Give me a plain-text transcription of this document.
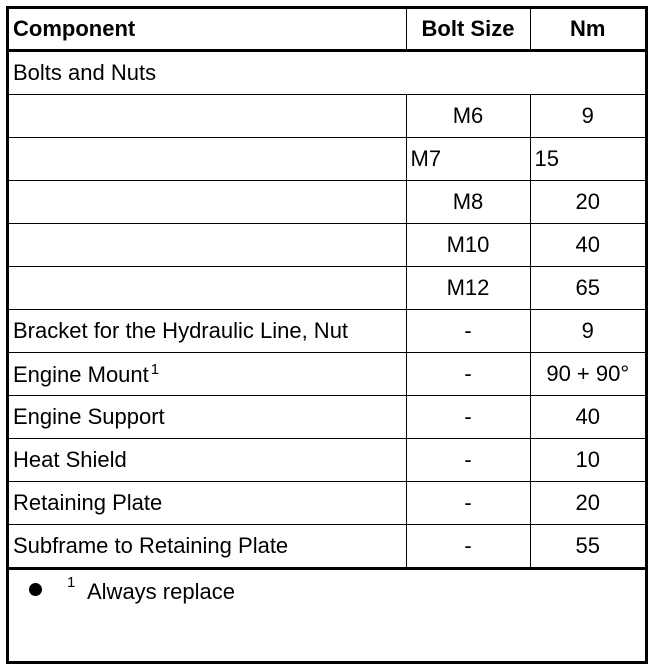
Component	Bolt Size	Nm
Bolts and Nuts		
	M6	9
	M7	15
	M8	20
	M10	40
	M12	65
Bracket for the Hydraulic Line, Nut	-	9
Engine Mount $^1$	-	90 + 90°
Engine Support	-	40
Heat Shield	-	10
Retaining Plate	-	20
Subframe to Retaining Plate	-	55
1 Always replace
